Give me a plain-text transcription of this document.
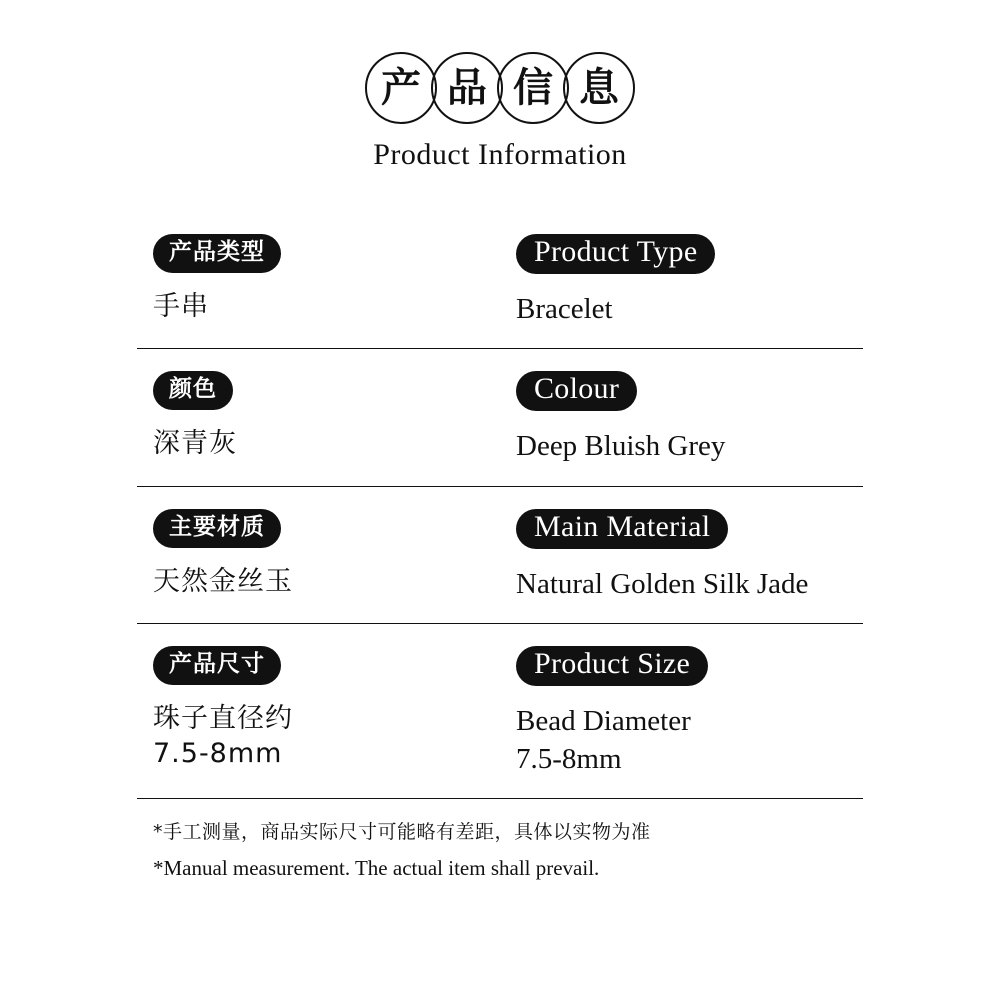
产 品 信 息
Product Information
产品类型
手串
Product Type
Bracelet
颜色
深青灰
Colour
Deep Bluish Grey
主要材质
天然金丝玉
Main Material
Natural Golden Silk Jade
产品尺寸
珠子直径约
7.5-8mm
Product Size
Bead Diameter
7.5-8mm
*手工测量，商品实际尺寸可能略有差距，具体以实物为准
*Manual measurement. The actual item shall prevail.
